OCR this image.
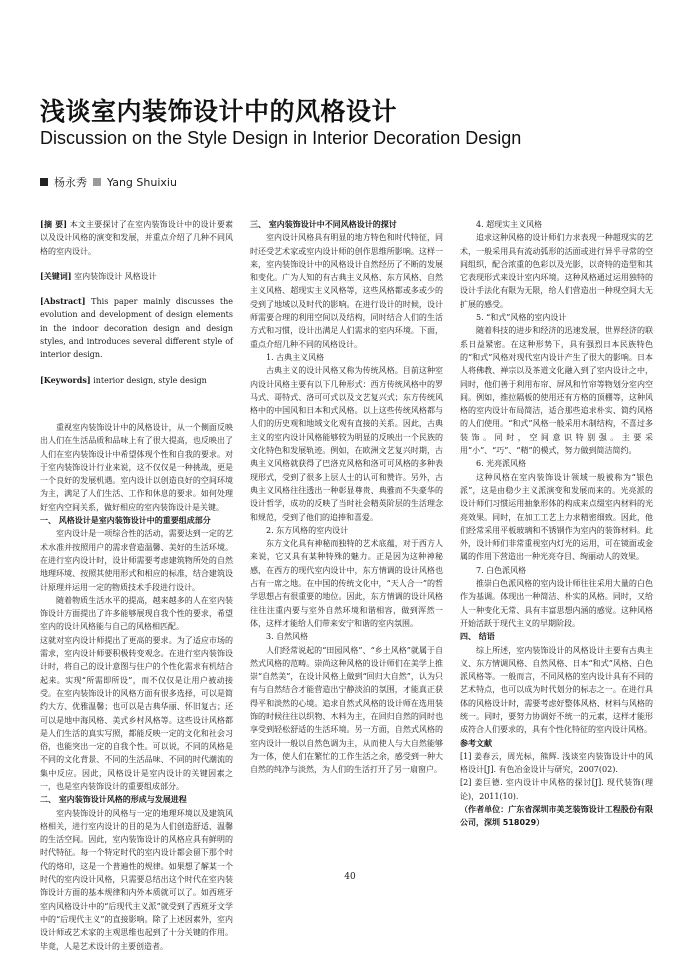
浅谈室内装饰设计中的风格设计
Discussion on the Style Design in Interior Decoration Design
杨永秀 Yang Shuixiu

[摘 要] 本文主要探讨了在室内装饰设计中的设计要素以及设计风格的演变和发展，并重点介绍了几种不同风格的室内设计。

[关键词] 室内装饰设计 风格设计

[Abstract] This paper mainly discusses the evolution and development of design elements in the indoor decoration design and design styles, and introduces several different style of interior design.

[Keywords] interior design, style design

重视室内装饰设计中的风格设计，从一个侧面反映出人们在生活品质和品味上有了很大提高，也反映出了人们在室内装饰设计中希望体现个性和自我的要求。对于室内装饰设计行业来说，这不仅仅是一种挑战，更是一个良好的发展机遇。室内设计以创造良好的空间环境为主，满足了人们生活、工作和休息的要求。如何处理好室内空间关系，做好相应的室内装饰设计是关键。

一、 风格设计是室内装饰设计中的重要组成部分

室内设计是一项综合性的活动，需要达到一定的艺术水准并按照用户的需求营造温馨、美好的生活环境。在进行室内设计时，设计师需要考虑建筑物所处的自然地理环境、按照其使用形式和相应的标准，结合建筑设计原理并运用一定的物质技术手段进行设计。

随着物质生活水平的提高，越来越多的人在室内装饰设计方面提出了许多能够展现自我个性的要求，希望室内的设计风格能与自己的风格相匹配。

这就对室内设计师提出了更高的要求。为了适应市场的需求，室内设计师要积极转变观念。在进行室内装饰设计时，将自己的设计意图与住户的个性化需求有机结合起来。实现“所需即所设”，而不仅仅是让用户被动接受。在室内装饰设计的风格方面有很多选择，可以是简约大方、优雅温馨；也可以是古典华丽、怀旧复古；还可以是地中海风格、美式乡村风格等。这些设计风格都是人们生活的真实写照，都能反映一定的文化和社会习俗，也能突出一定的自我个性。可以说，不同的风格是不同的文化背景、不同的生活品味、不同的时代潮流的集中反应。因此，风格设计是室内设计的关键因素之一，也是室内装饰设计的重要组成部分。

二、 室内装饰设计风格的形成与发展进程

室内装饰设计的风格与一定的地理环境以及建筑风格相关，进行室内设计的目的是为人们创造舒适、温馨的生活空间。因此，室内装饰设计的风格应具有鲜明的时代特征。每一个特定时代的室内设计都会留下那个时代的烙印，这是一个普遍性的规律。如果想了解某一个时代的室内设计风格，只需要总结出这个时代在室内装饰设计方面的基本规律和内外本质就可以了。如西班牙室内风格设计中的“后现代主义派”就受到了西班牙文学中的“后现代主义”的直接影响。除了上述因素外，室内设计师或艺术家的主观思维也起到了十分关键的作用。毕竟，人是艺术设计的主要创造者。

三、 室内装饰设计中不同风格设计的探讨

室内设计风格具有明显的地方特色和时代特征，同时还受艺术家或室内设计师的创作思维所影响。这样一来，室内装饰设计中的风格设计自然经历了不断的发展和变化。广为人知的有古典主义风格、东方风格、自然主义风格、超现实主义风格等，这些风格都或多或少的受到了地域以及时代的影响。在进行设计的时候，设计师需要合理的利用空间以及结构，同时结合人们的生活方式和习惯，设计出满足人们需求的室内环境。下面，重点介绍几种不同的风格设计。

1. 古典主义风格

古典主义的设计风格又称为传统风格。目前这种室内设计风格主要有以下几种形式：西方传统风格中的罗马式、哥特式、洛可可式以及文艺复兴式；东方传统风格中的中国风和日本和式风格。以上这些传统风格都与人们的历史观和地域文化观有直接的关系。因此，古典主义的室内设计风格能够较为明显的反映出一个民族的文化特色和发展轨迹。例如，在欧洲文艺复兴时期，古典主义风格就获得了巴洛克风格和洛可可风格的多种表现形式，受到了很多上层人士的认可和赞许。另外，古典主义风格往往透出一种彰显尊贵、典雅而不失豪华的设计哲学，成功的反映了当时社会精英阶层的生活理念和规范，受到了他们的追捧和喜爱。

2. 东方风格的室内设计

东方文化具有神秘而独特的艺术底蕴，对于西方人来说，它又具有某种特殊的魅力。正是因为这种神秘感，在西方的现代室内设计中，东方情调的设计风格也占有一席之地。在中国的传统文化中，“天人合一”的哲学思想占有很重要的地位。因此，东方情调的设计风格往往注重内要与室外自然环境和谐相容，做到浑然一体，这样才能给人们带来安宁和谐的室内氛围。

3. 自然风格

人们经常说起的“田园风格”、“乡土风格”就属于自然式风格的范畴。崇尚这种风格的设计师们在美学上推崇“自然美”，在设计风格上做到“回归大自然”，认为只有与自然结合才能营造出宁静淡泊的氛围，才能真正获得平和淡然的心境。追求自然式风格的设计师在选用装饰的时候往往以织物、木料为主，在回归自然的同时也享受到轻松舒适的生活环境。另一方面，自然式风格的室内设计一般以自然色调为主，从而使人与大自然能够为一体，使人们在繁忙的工作生活之余，感受到一种大自然的纯净与淡然，为人们的生活打开了另一扇窗户。

4. 超现实主义风格

追求这种风格的设计师们力求表现一种超现实的艺术，一般采用具有流动弧形的活面或进行异乎寻常的空间组织，配合浓重的色彩以及光影，以奇特的造型和其它表现形式来设计室内环境。这种风格通过运用独特的设计手法化有限为无限，给人们营造出一种现空间大无扩展的感受。

5. “和式”风格的室内设计

随着科技的进步和经济的迅速发展，世界经济的联系日益紧密。在这种形势下，具有强烈日本民族特色的“和式”风格对现代室内设计产生了很大的影响。日本人将佛教、禅宗以及茶道文化融入到了室内设计之中，同时，他们善于利用布帘、屏风和竹帘等物划分室内空间。例如，推拉隔板的使用还有方格的顶棚等，这种风格的室内设计布局简洁，适合那些追求朴实、简约风格的人们使用。“和式”风格一般采用木制结构，不喜过多装饰。同时，空间意识特别强。主要采用“小”、“巧”、“精”的模式，努力做到简洁简约。

6. 光亮派风格

这种风格在室内装饰设计领域一般被称为“银色派”，这是由稳少主义派演变和发展而来的。光亮派的设计师们习惯运用抽象形体的构成来点缀室内材料的光亮效果。同时，在加工工艺上力求精密细致。因此，他们经常采用平板玻璃和不锈钢作为室内的装饰材料。此外，设计师们非常重视室内灯光的运用，可在镜面或金属的作用下营造出一种光亮夺目、绚丽动人的效果。

7. 白色派风格

推崇白色派风格的室内设计师往往采用大量的白色作为基调。体现出一种简洁、朴实的风格。同时，又给人一种变化无常、具有丰富思想内涵的感觉。这种风格开始活跃于现代主义的早期阶段。

四、 结语

综上所述，室内装饰设计的风格设计主要有古典主义、东方情调风格、自然风格、日本“和式”风格、白色派风格等。一般而言，不同风格的室内设计具有不同的艺术特点，也可以成为时代划分的标志之一。在进行具体的风格设计时，需要考虑好整体风格、材料与风格的统一。同时，要努力协调好不统一的元素，这样才能形成符合人们要求的，具有个性化特征的室内设计风格。

参考文献

[1] 姜春云，周光标，熊辉. 浅谈室内装饰设计中的风格设计[J]. 有色冶金设计与研究，2007(02).

[2] 姜巨德. 室内设计中风格的探讨[J]. 现代装饰(理论)，2011(10).

（作者单位：广东省深圳市美芝装饰设计工程股份有限公司，深圳 518029）

40
